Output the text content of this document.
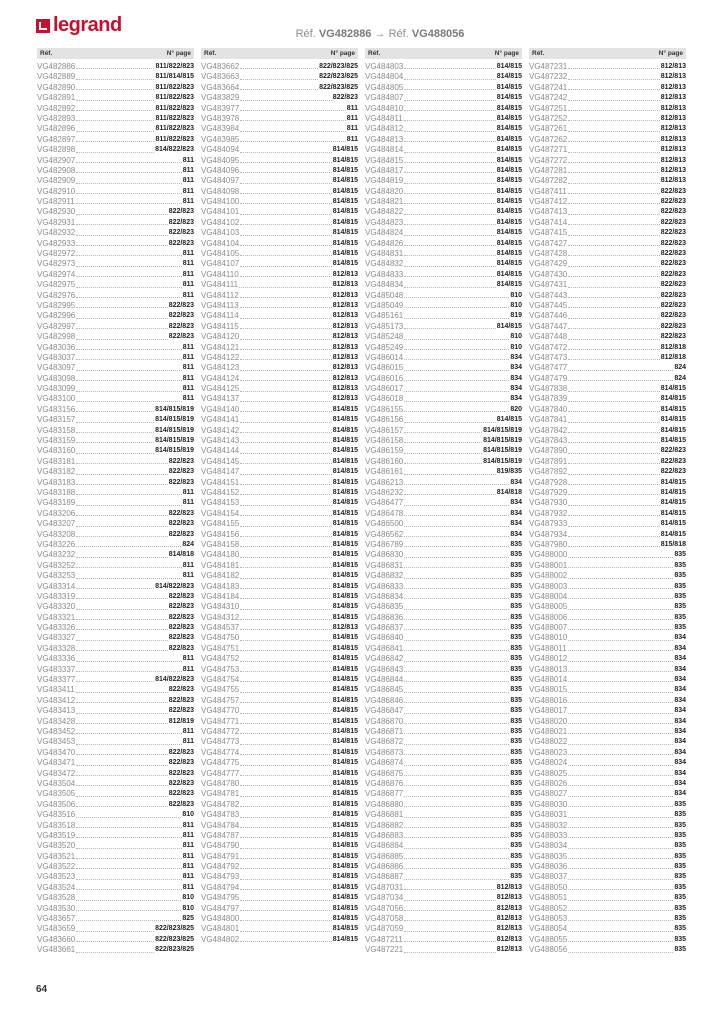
legrand	Réf. VG482886 → Réf. VG488056
Réf.	N° page
VG482886	811/822/823
VG482889	811/814/815
VG482890	811/822/823
VG482891	811/822/823
VG482892	811/822/823
VG482893	811/822/823
VG482896	811/822/823
VG482897	811/822/823
VG482898	814/822/823
VG482907	811
VG482908	811
VG482909	811
VG482910	811
VG482911	811
VG482930	822/823
VG482931	822/823
VG482932	822/823
VG482933	822/823
VG482972	811
VG482973	811
VG482974	811
VG482975	811
VG482976	811
VG482995	822/823
VG482996	822/823
VG482997	822/823
VG482998	822/823
VG483036	811
VG483037	811
VG483097	811
VG483098	811
VG483099	811
VG483100	811
VG483156	814/815/819
VG483157	814/815/819
VG483158	814/815/819
VG483159	814/815/819
VG483160	814/815/819
VG483181	822/823
VG483182	822/823
VG483183	822/823
VG483188	811
VG483189	811
VG483206	822/823
VG483207	822/823
VG483208	822/823
VG483226	824
VG483232	814/818
VG483252	811
VG483253	811
VG483314	814/822/823
VG483319	822/823
VG483320	822/823
VG483321	822/823
VG483326	822/823
VG483327	822/823
VG483328	822/823
VG483336	811
VG483337	811
VG483377	814/822/823
VG483411	822/823
VG483412	822/823
VG483413	822/823
VG483428	812/819
VG483452	811
VG483453	811
VG483470	822/823
VG483471	822/823
VG483472	822/823
VG483504	822/823
VG483505	822/823
VG483506	822/823
VG483516	810
VG483518	811
VG483519	811
VG483520	811
VG483521	811
VG483522	811
VG483523	811
VG483524	811
VG483528	810
VG483530	810
VG483657	825
VG483659	822/823/825
VG483660	822/823/825
VG483661	822/823/825
Réf.	N° page
VG483662	822/823/825
VG483663	822/823/825
VG483664	822/823/825
VG483829	822/823
VG483977	811
VG483978	811
VG483984	811
VG483985	811
VG484094	814/815
VG484095	814/815
VG484096	814/815
VG484097	814/815
VG484098	814/815
VG484100	814/815
VG484101	814/815
VG484102	814/815
VG484103	814/815
VG484104	814/815
VG484105	814/815
VG484107	814/815
VG484110	812/813
VG484111	812/813
VG484112	812/813
VG484113	812/813
VG484114	812/813
VG484115	812/813
VG484120	812/813
VG484121	812/813
VG484122	812/813
VG484123	812/813
VG484124	812/813
VG484125	812/813
VG484137	812/813
VG484140	814/815
VG484141	814/815
VG484142	814/815
VG484143	814/815
VG484144	814/815
VG484145	814/815
VG484147	814/815
VG484151	814/815
VG484152	814/815
VG484153	814/815
VG484154	814/815
VG484155	814/815
VG484156	814/815
VG484158	814/815
VG484180	814/815
VG484181	814/815
VG484182	814/815
VG484183	814/815
VG484184	814/815
VG484310	814/815
VG484312	814/815
VG484537	812/813
VG484750	814/815
VG484751	814/815
VG484752	814/815
VG484753	814/815
VG484754	814/815
VG484755	814/815
VG484757	814/815
VG484770	814/815
VG484771	814/815
VG484772	814/815
VG484773	814/815
VG484774	814/815
VG484775	814/815
VG484777	814/815
VG484780	814/815
VG484781	814/815
VG484782	814/815
VG484783	814/815
VG484784	814/815
VG484787	814/815
VG484790	814/815
VG484791	814/815
VG484792	814/815
VG484793	814/815
VG484794	814/815
VG484795	814/815
VG484797	814/815
VG484800	814/815
VG484801	814/815
VG484802	814/815
Réf.	N° page
VG484803	814/815
VG484804	814/815
VG484805	814/815
VG484807	814/815
VG484810	814/815
VG484811	814/815
VG484812	814/815
VG484813	814/815
VG484814	814/815
VG484815	814/815
VG484817	814/815
VG484819	814/815
VG484820	814/815
VG484821	814/815
VG484822	814/815
VG484823	814/815
VG484824	814/815
VG484826	814/815
VG484831	814/815
VG484832	814/815
VG484833	814/815
VG484834	814/815
VG485048	810
VG485049	810
VG485161	819
VG485173	814/815
VG485248	810
VG485249	810
VG486014	834
VG486015	834
VG486016	834
VG486017	834
VG486018	834
VG486155	820
VG486156	814/815
VG486157	814/815/819
VG486158	814/815/819
VG486159	814/815/819
VG486160	814/815/819
VG486161	819/835
VG486213	834
VG486232	814/818
VG486477	834
VG486478	834
VG486500	834
VG486562	834
VG486789	835
VG486830	835
VG486831	835
VG486832	835
VG486833	835
VG486834	835
VG486835	835
VG486836	835
VG486837	835
VG486840	835
VG486841	835
VG486842	835
VG486843	835
VG486844	835
VG486845	835
VG486846	835
VG486847	835
VG486870	835
VG486871	835
VG486872	835
VG486873	835
VG486874	835
VG486875	835
VG486876	835
VG486877	835
VG486880	835
VG486881	835
VG486882	835
VG486883	835
VG486884	835
VG486885	835
VG486886	835
VG486887	835
VG487031	812/813
VG487034	812/813
VG487056	812/813
VG487058	812/813
VG487059	812/813
VG487211	812/813
VG487221	812/813
Réf.	N° page
VG487231	812/813
VG487232	812/813
VG487241	812/813
VG487242	812/813
VG487251	812/813
VG487252	812/813
VG487261	812/813
VG487262	812/813
VG487271	812/813
VG487272	812/813
VG487281	812/813
VG487282	812/813
VG487411	822/823
VG487412	822/823
VG487413	822/823
VG487414	822/823
VG487415	822/823
VG487427	822/823
VG487428	822/823
VG487429	822/823
VG487430	822/823
VG487431	822/823
VG487443	822/823
VG487445	822/823
VG487446	822/823
VG487447	822/823
VG487448	822/823
VG487472	812/818
VG487473	812/818
VG487477	824
VG487479	824
VG487838	814/815
VG487839	814/815
VG487840	814/815
VG487841	814/815
VG487842	814/815
VG487843	814/815
VG487890	822/823
VG487891	822/823
VG487892	822/823
VG487928	814/815
VG487929	814/815
VG487930	814/815
VG487932	814/815
VG487933	814/815
VG487934	814/815
VG487980	815/818
VG488000	835
VG488001	835
VG488002	835
VG488003	835
VG488004	835
VG488005	835
VG488006	835
VG488007	835
VG488010	834
VG488011	834
VG488012	834
VG488013	834
VG488014	834
VG488015	834
VG488016	834
VG488017	834
VG488020	834
VG488021	834
VG488022	834
VG488023	834
VG488024	834
VG488025	834
VG488026	834
VG488027	834
VG488030	835
VG488031	835
VG488032	835
VG488033	835
VG488034	835
VG488035	835
VG488036	835
VG488037	835
VG488050	835
VG488051	835
VG488052	835
VG488053	835
VG488054	835
VG488055	835
VG488056	835
64
